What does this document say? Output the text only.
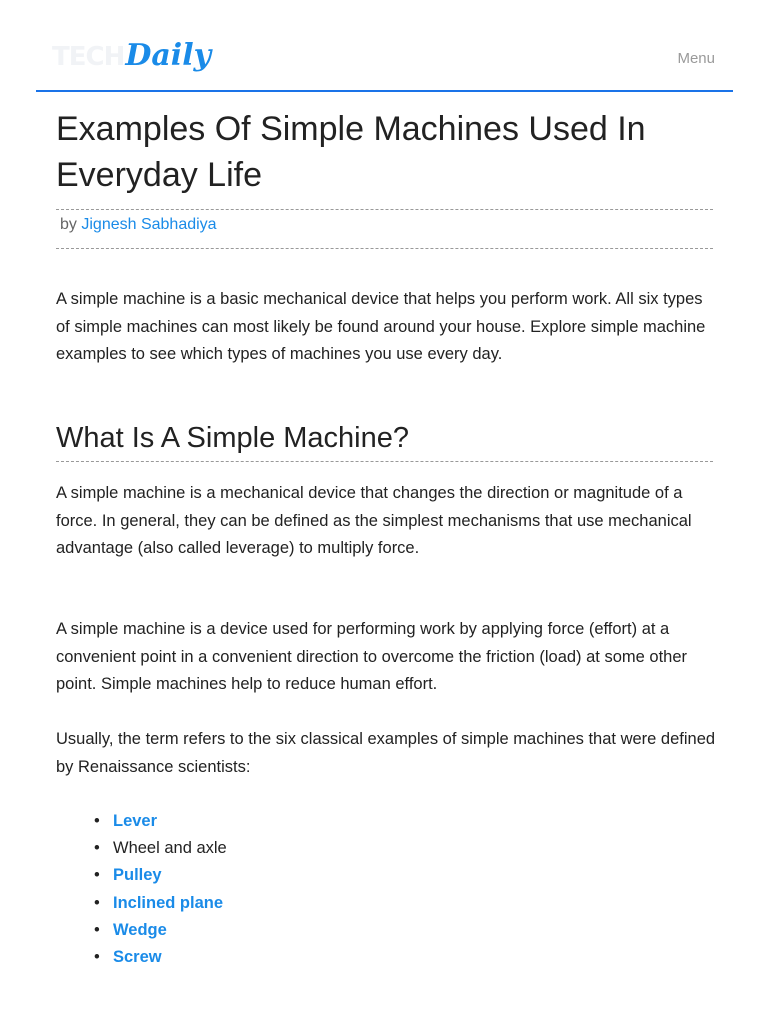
TECH Daily	Menu
Examples Of Simple Machines Used In Everyday Life
by Jignesh Sabhadiya

A simple machine is a basic mechanical device that helps you perform work. All six types of simple machines can most likely be found around your house. Explore simple machine examples to see which types of machines you use every day.

What Is A Simple Machine?

A simple machine is a mechanical device that changes the direction or magnitude of a force. In general, they can be defined as the simplest mechanisms that use mechanical advantage (also called leverage) to multiply force.

A simple machine is a device used for performing work by applying force (effort) at a convenient point in a convenient direction to overcome the friction (load) at some other point. Simple machines help to reduce human effort.

Usually, the term refers to the six classical examples of simple machines that were defined by Renaissance scientists:

• Lever
• Wheel and axle
• Pulley
• Inclined plane
• Wedge
• Screw
